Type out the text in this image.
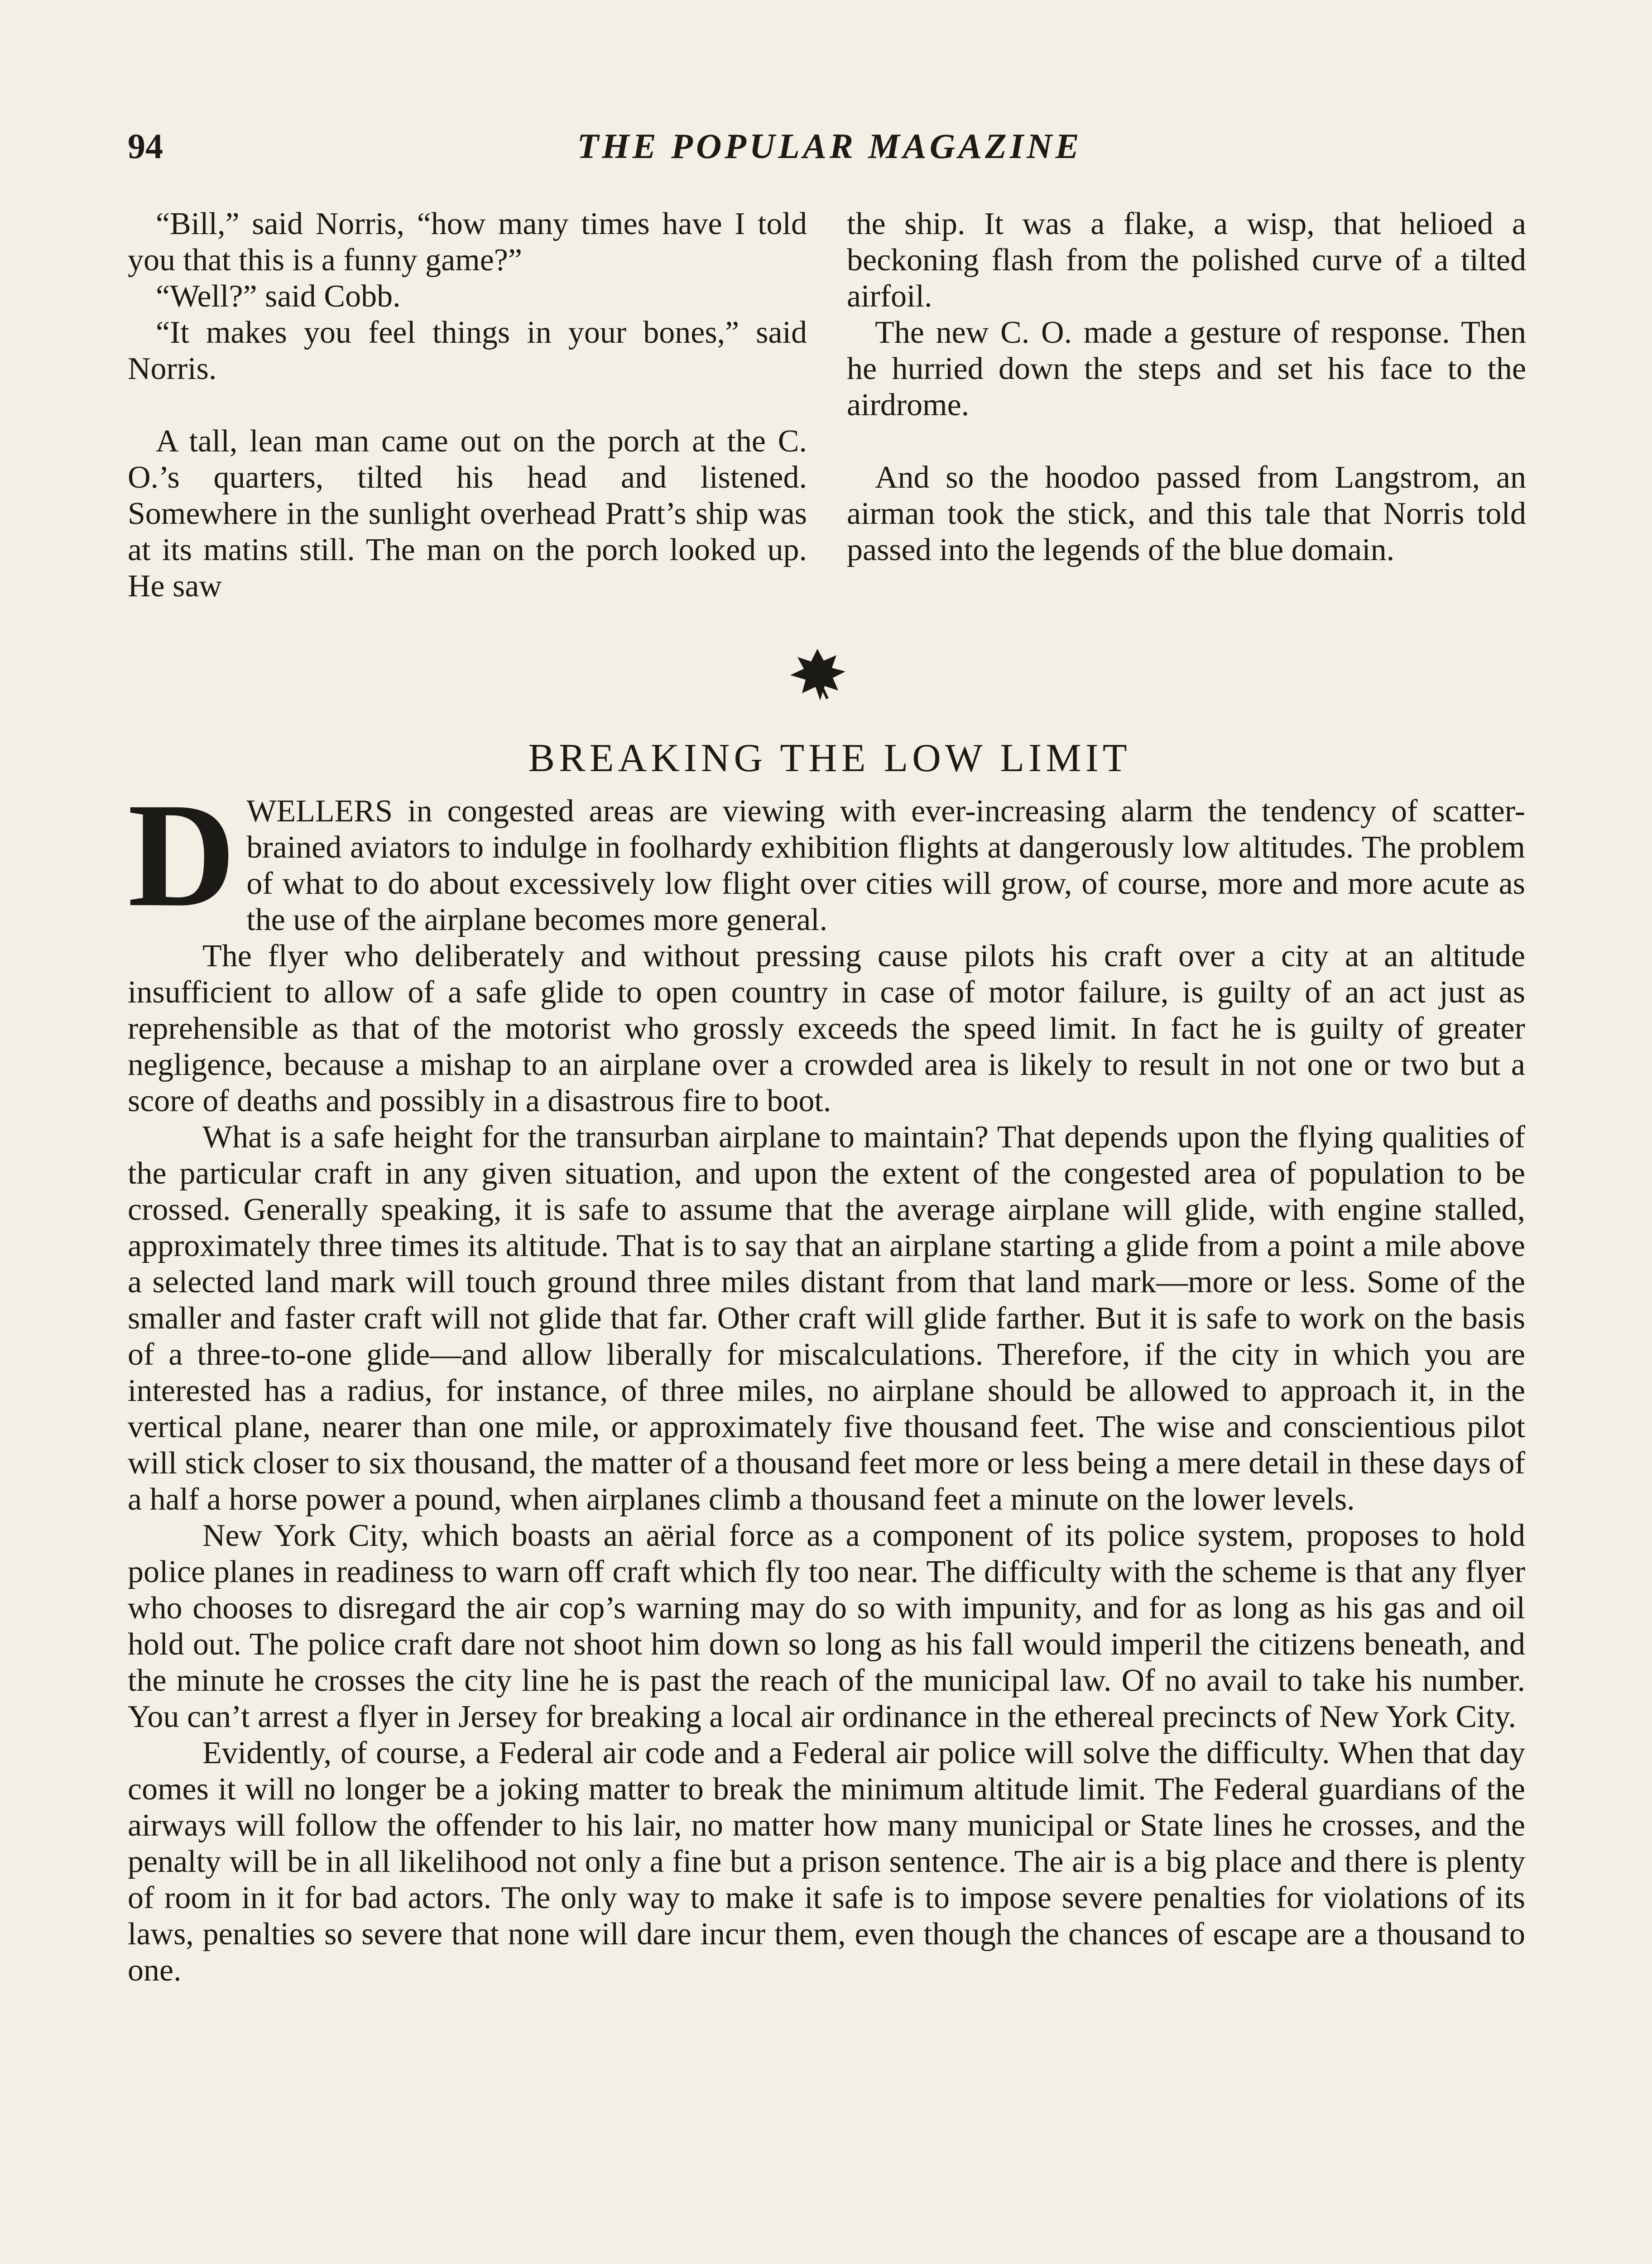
94	THE POPULAR MAGAZINE

“Bill,” said Norris, “how many times have I told you that this is a funny game?”

“Well?” said Cobb.

“It makes you feel things in your bones,” said Norris.

A tall, lean man came out on the porch at the C. O.’s quarters, tilted his head and listened. Somewhere in the sunlight overhead Pratt’s ship was at its matins still. The man on the porch looked up. He saw

the ship. It was a flake, a wisp, that helioed a beckoning flash from the polished curve of a tilted airfoil.

The new C. O. made a gesture of response. Then he hurried down the steps and set his face to the airdrome.

And so the hoodoo passed from Langstrom, an airman took the stick, and this tale that Norris told passed into the legends of the blue domain.

BREAKING THE LOW LIMIT

DWELLERS in congested areas are viewing with ever-increasing alarm the tendency of scatter-brained aviators to indulge in foolhardy exhibition flights at dangerously low altitudes. The problem of what to do about excessively low flight over cities will grow, of course, more and more acute as the use of the airplane becomes more general.

The flyer who deliberately and without pressing cause pilots his craft over a city at an altitude insufficient to allow of a safe glide to open country in case of motor failure, is guilty of an act just as reprehensible as that of the motorist who grossly exceeds the speed limit. In fact he is guilty of greater negligence, because a mishap to an airplane over a crowded area is likely to result in not one or two but a score of deaths and possibly in a disastrous fire to boot.

What is a safe height for the transurban airplane to maintain? That depends upon the flying qualities of the particular craft in any given situation, and upon the extent of the congested area of population to be crossed. Generally speaking, it is safe to assume that the average airplane will glide, with engine stalled, approximately three times its altitude. That is to say that an airplane starting a glide from a point a mile above a selected land mark will touch ground three miles distant from that land mark—more or less. Some of the smaller and faster craft will not glide that far. Other craft will glide farther. But it is safe to work on the basis of a three-to-one glide—and allow liberally for miscalculations. Therefore, if the city in which you are interested has a radius, for instance, of three miles, no airplane should be allowed to approach it, in the vertical plane, nearer than one mile, or approximately five thousand feet. The wise and conscientious pilot will stick closer to six thousand, the matter of a thousand feet more or less being a mere detail in these days of a half a horse power a pound, when airplanes climb a thousand feet a minute on the lower levels.

New York City, which boasts an aërial force as a component of its police system, proposes to hold police planes in readiness to warn off craft which fly too near. The difficulty with the scheme is that any flyer who chooses to disregard the air cop’s warning may do so with impunity, and for as long as his gas and oil hold out. The police craft dare not shoot him down so long as his fall would imperil the citizens beneath, and the minute he crosses the city line he is past the reach of the municipal law. Of no avail to take his number. You can’t arrest a flyer in Jersey for breaking a local air ordinance in the ethereal precincts of New York City.

Evidently, of course, a Federal air code and a Federal air police will solve the difficulty. When that day comes it will no longer be a joking matter to break the minimum altitude limit. The Federal guardians of the airways will follow the offender to his lair, no matter how many municipal or State lines he crosses, and the penalty will be in all likelihood not only a fine but a prison sentence. The air is a big place and there is plenty of room in it for bad actors. The only way to make it safe is to impose severe penalties for violations of its laws, penalties so severe that none will dare incur them, even though the chances of escape are a thousand to one.
